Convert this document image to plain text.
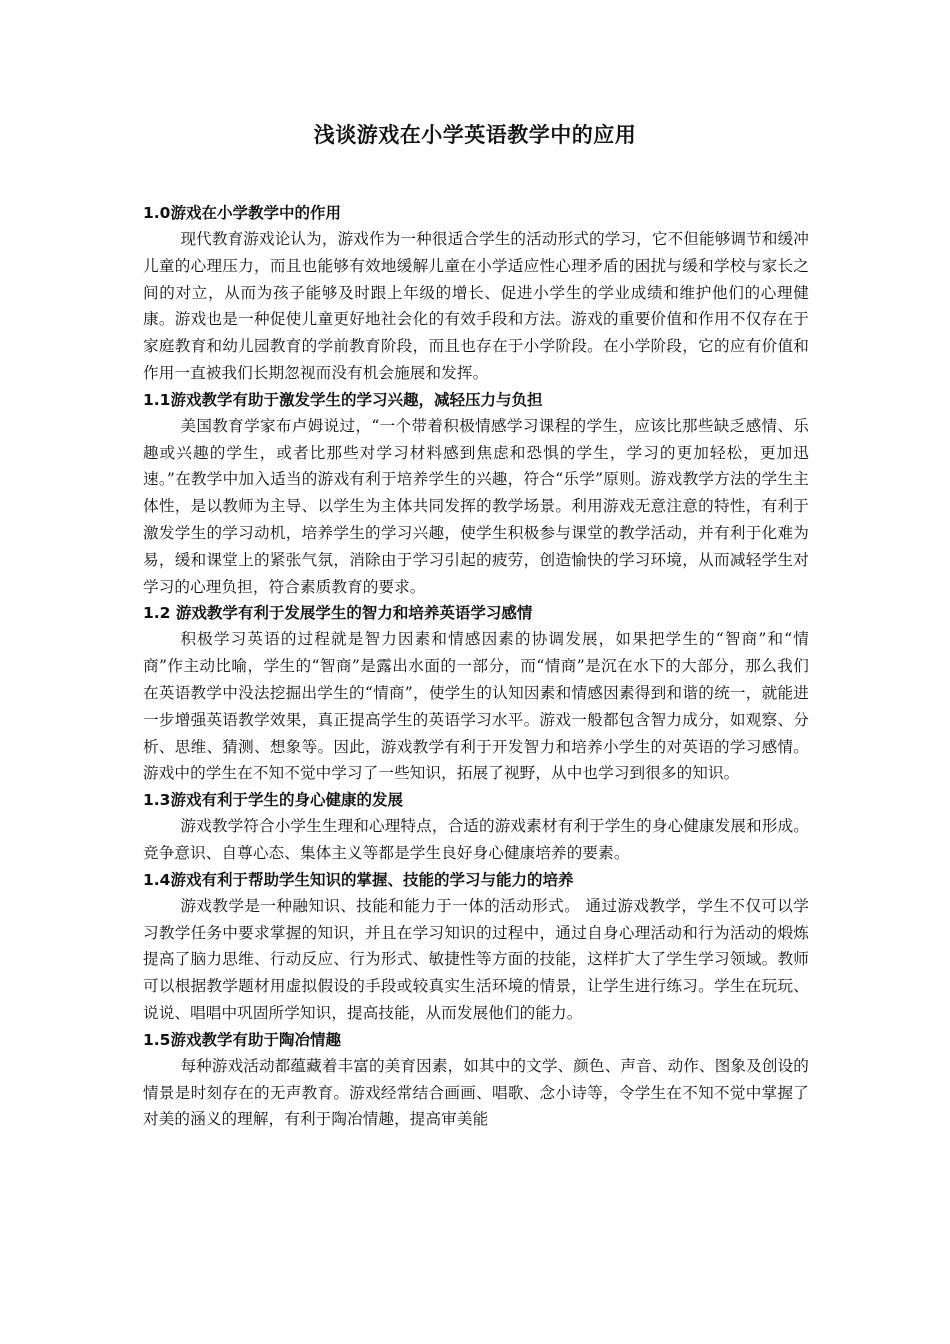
浅谈游戏在小学英语教学中的应用
1.0游戏在小学教学中的作用

现代教育游戏论认为，游戏作为一种很适合学生的活动形式的学习，它不但能够调节和缓冲儿童的心理压力，而且也能够有效地缓解儿童在小学适应性心理矛盾的困扰与缓和学校与家长之间的对立，从而为孩子能够及时跟上年级的增长、促进小学生的学业成绩和维护他们的心理健康。游戏也是一种促使儿童更好地社会化的有效手段和方法。游戏的重要价值和作用不仅存在于家庭教育和幼儿园教育的学前教育阶段，而且也存在于小学阶段。在小学阶段，它的应有价值和作用一直被我们长期忽视而没有机会施展和发挥。

1.1游戏教学有助于激发学生的学习兴趣，减轻压力与负担

美国教育学家布卢姆说过，“一个带着积极情感学习课程的学生，应该比那些缺乏感情、乐趣或兴趣的学生，或者比那些对学习材料感到焦虑和恐惧的学生，学习的更加轻松，更加迅速。”在教学中加入适当的游戏有利于培养学生的兴趣，符合“乐学”原则。游戏教学方法的学生主体性，是以教师为主导、以学生为主体共同发挥的教学场景。利用游戏无意注意的特性，有利于激发学生的学习动机，培养学生的学习兴趣，使学生积极参与课堂的教学活动，并有利于化难为易，缓和课堂上的紧张气氛，消除由于学习引起的疲劳，创造愉快的学习环境，从而减轻学生对学习的心理负担，符合素质教育的要求。

1.2 游戏教学有利于发展学生的智力和培养英语学习感情

积极学习英语的过程就是智力因素和情感因素的协调发展，如果把学生的“智商”和“情商”作主动比喻，学生的“智商”是露出水面的一部分，而“情商”是沉在水下的大部分，那么我们在英语教学中没法挖掘出学生的“情商”，使学生的认知因素和情感因素得到和谐的统一，就能进一步增强英语教学效果，真正提高学生的英语学习水平。游戏一般都包含智力成分，如观察、分析、思维、猜测、想象等。因此，游戏教学有利于开发智力和培养小学生的对英语的学习感情。游戏中的学生在不知不觉中学习了一些知识，拓展了视野，从中也学习到很多的知识。

1.3游戏有利于学生的身心健康的发展

游戏教学符合小学生生理和心理特点，合适的游戏素材有利于学生的身心健康发展和形成。竞争意识、自尊心态、集体主义等都是学生良好身心健康培养的要素。

1.4游戏有利于帮助学生知识的掌握、技能的学习与能力的培养

游戏教学是一种融知识、技能和能力于一体的活动形式。 通过游戏教学，学生不仅可以学习教学任务中要求掌握的知识，并且在学习知识的过程中，通过自身心理活动和行为活动的煅炼提高了脑力思维、行动反应、行为形式、敏捷性等方面的技能，这样扩大了学生学习领域。教师可以根据教学题材用虚拟假设的手段或较真实生活环境的情景，让学生进行练习。学生在玩玩、说说、唱唱中巩固所学知识，提高技能，从而发展他们的能力。

1.5游戏教学有助于陶冶情趣

每种游戏活动都蕴藏着丰富的美育因素，如其中的文学、颜色、声音、动作、图象及创设的情景是时刻存在的无声教育。游戏经常结合画画、唱歌、念小诗等，令学生在不知不觉中掌握了对美的涵义的理解，有利于陶冶情趣，提高审美能
